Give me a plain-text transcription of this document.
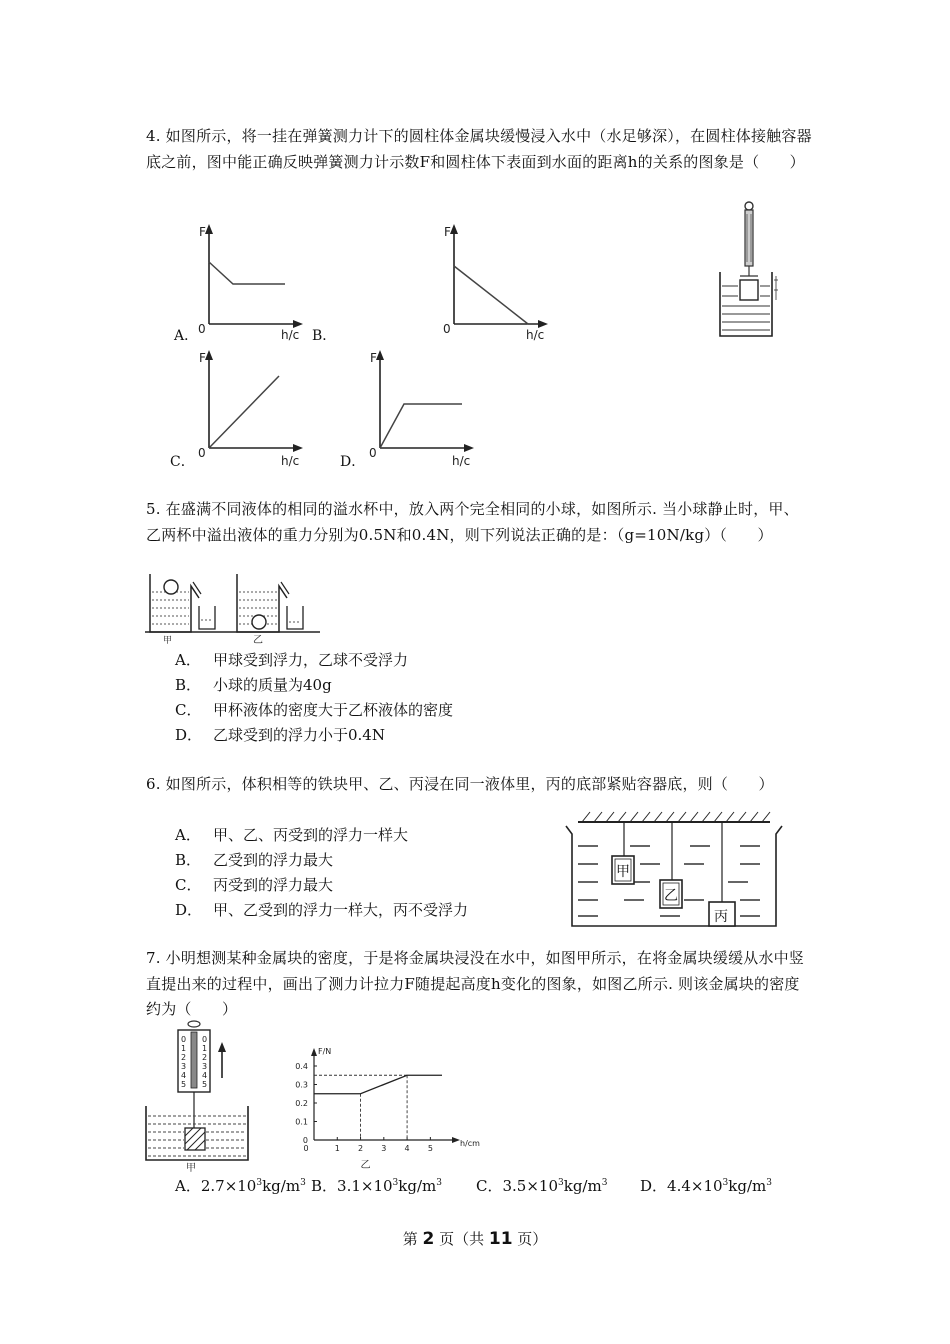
4. 如图所示，将一挂在弹簧测力计下的圆柱体金属块缓慢浸入水中（水足够深），在圆柱体接触容器底之前，图中能正确反映弹簧测力计示数F和圆柱体下表面到水面的距离h的关系的图象是（　　）
F
0	h/c
A．
F
0	h/c
B．
F
0
h/c
C．
F
0
h/c
D．
5. 在盛满不同液体的相同的溢水杯中，放入两个完全相同的小球，如图所示. 当小球静止时，甲、乙两杯中溢出液体的重力分别为0.5N和0.4N，则下列说法正确的是：（g=10N/kg）（　　）
甲	乙
A． 甲球受到浮力，乙球不受浮力
B． 小球的质量为40g
C． 甲杯液体的密度大于乙杯液体的密度
D． 乙球受到的浮力小于0.4N
6. 如图所示，体积相等的铁块甲、乙、丙浸在同一液体里，丙的底部紧贴容器底，则（　　）
A． 甲、乙、丙受到的浮力一样大
B． 乙受到的浮力最大
C． 丙受到的浮力最大
D． 甲、乙受到的浮力一样大，丙不受浮力
甲
乙
丙
7. 小明想测某种金属块的密度，于是将金属块浸没在水中，如图甲所示，在将金属块缓缓从水中竖直提出来的过程中，画出了测力计拉力F随提起高度h变化的图象，如图乙所示. 则该金属块的密度约为（　　）
0 0
1 1
2 2
3 3
4 4
5 5
甲
0
0.1
0.2
0.3
0.4
0	1 2 3 4 5
F/N
h/cm
乙
A．$2.7\times 10^3kg/m^3$ B．$3.1\times 10^3kg/m^3$ C．$3.5\times 10^3kg/m^3$ D．$4.4\times 10^3kg/m^3$
第 2 页（共 11 页）
